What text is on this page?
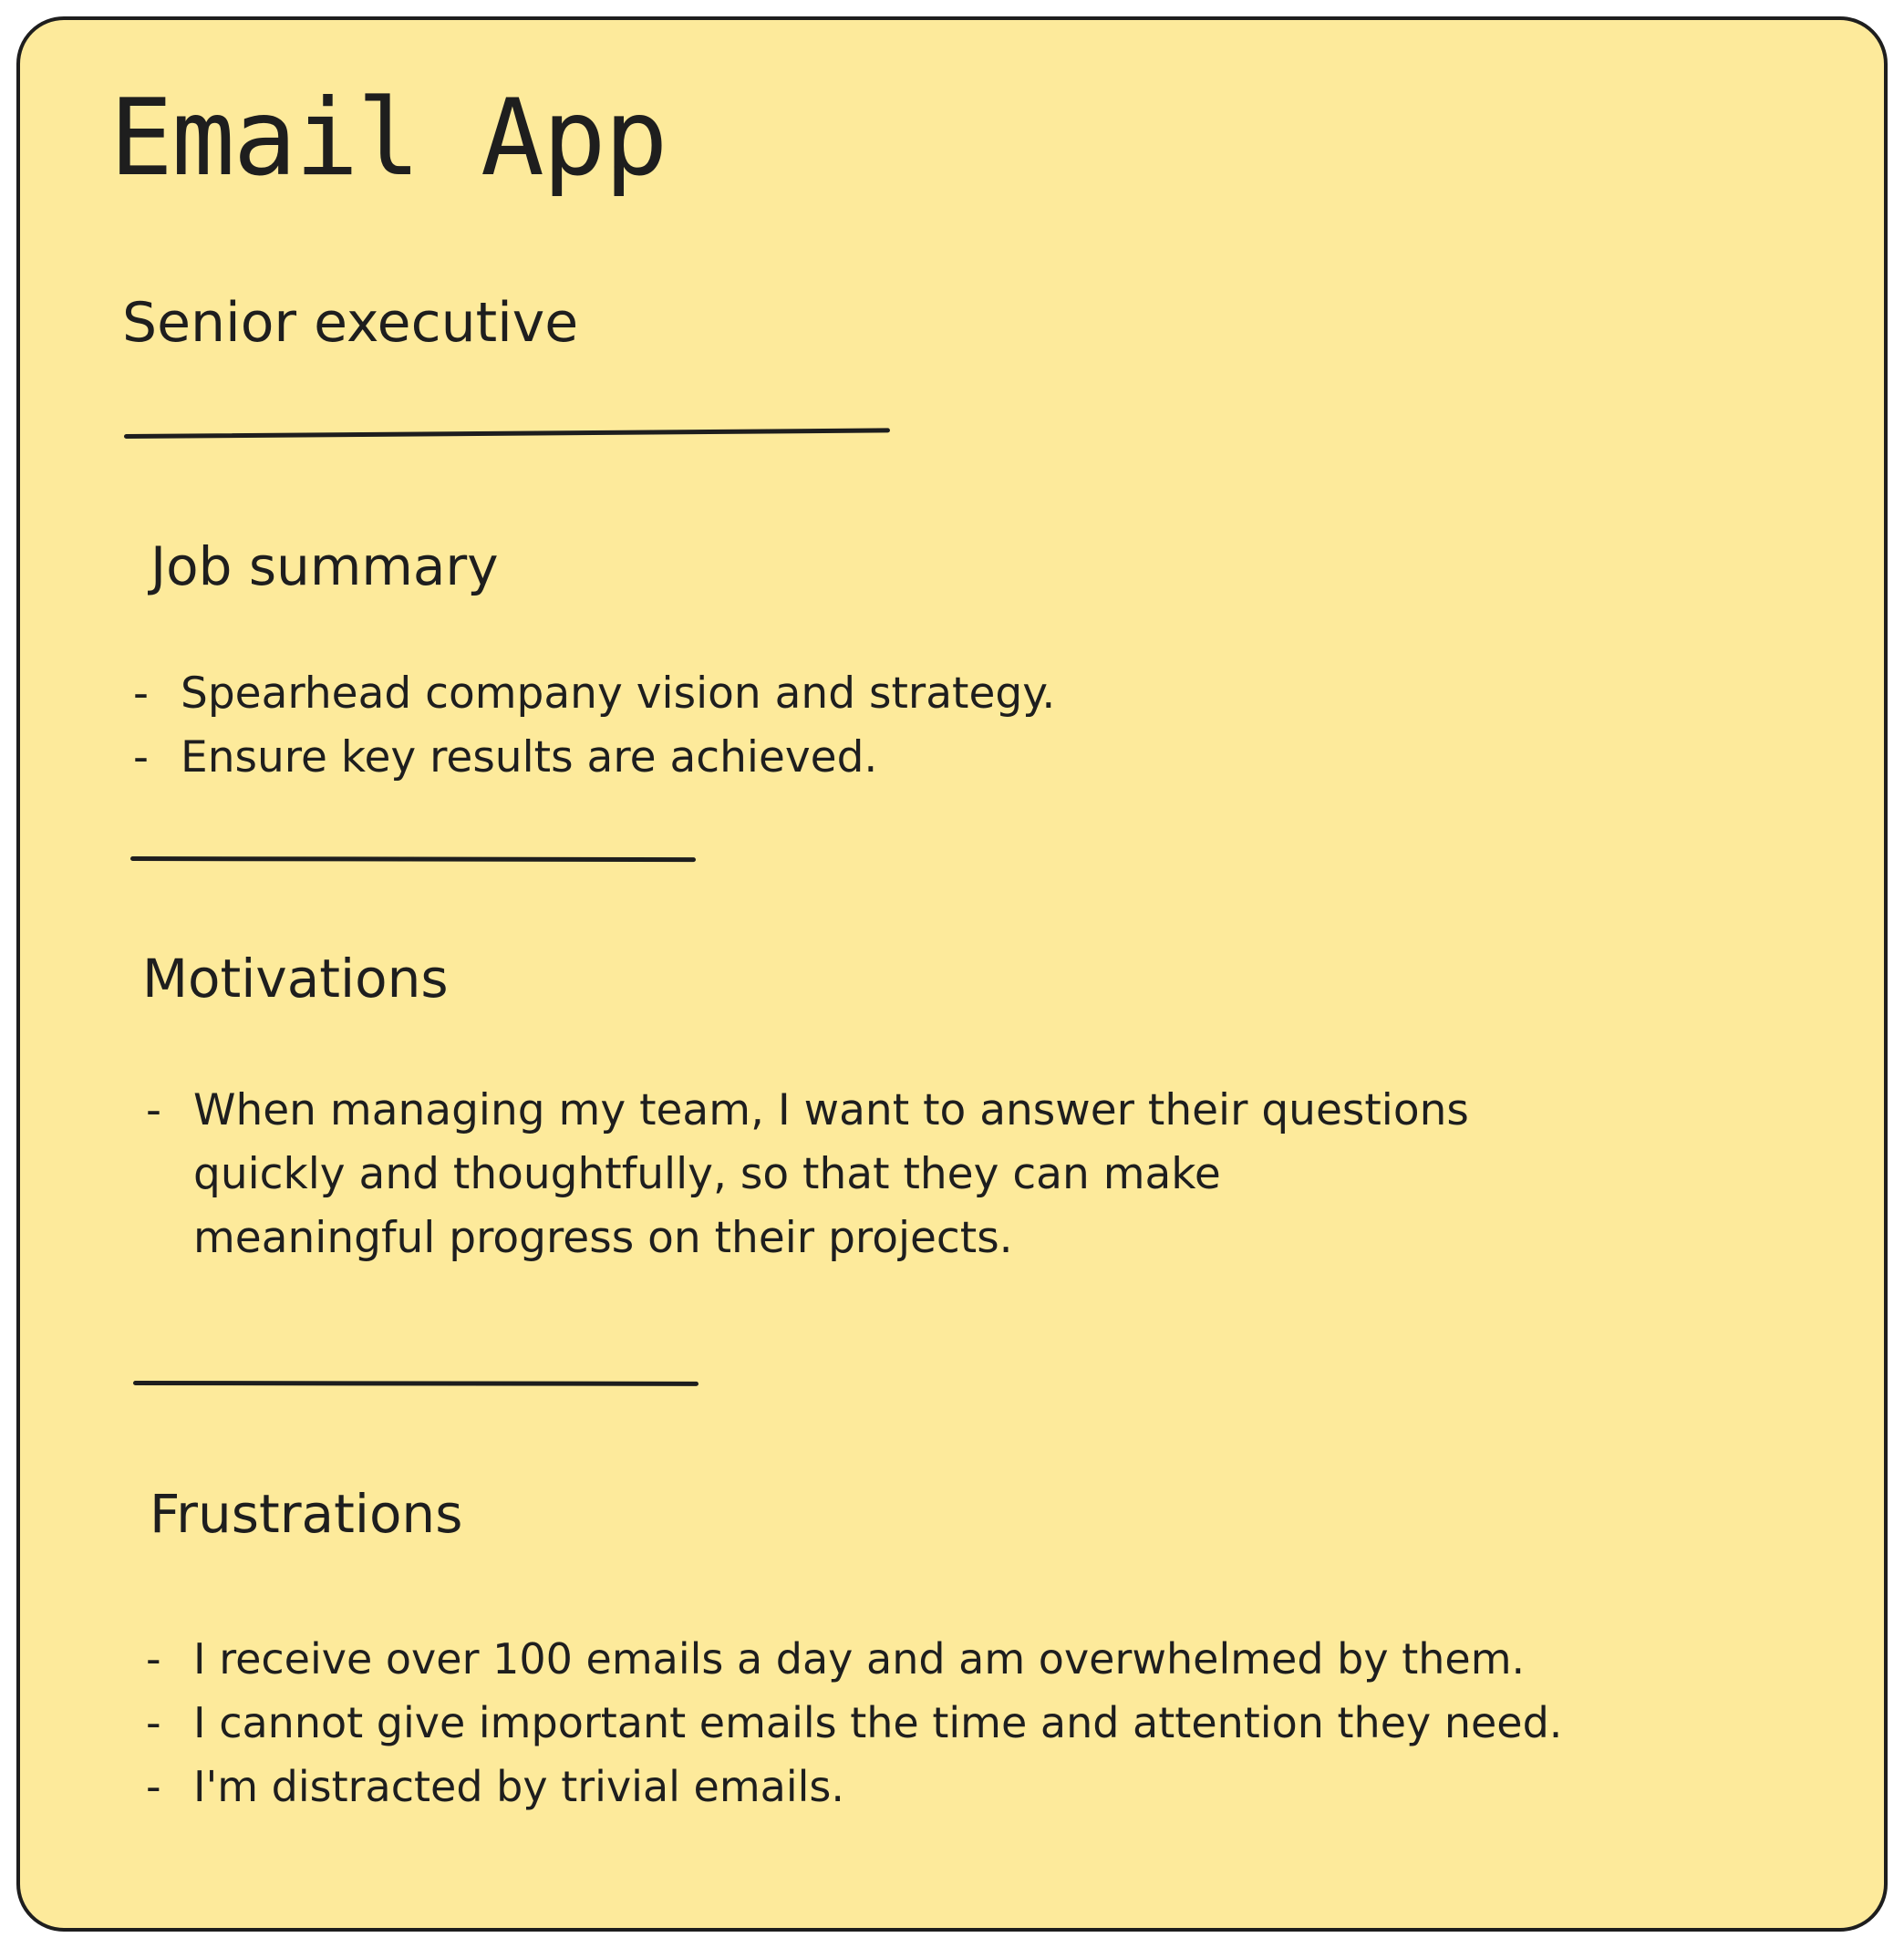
Email App
Senior executive
Job summary
- Spearhead company vision and strategy.
- Ensure key results are achieved.
Motivations
- When managing my team, I want to answer their questions
quickly and thoughtfully, so that they can make
meaningful progress on their projects.
Frustrations
- I receive over 100 emails a day and am overwhelmed by them.
- I cannot give important emails the time and attention they need.
- I'm distracted by trivial emails.
